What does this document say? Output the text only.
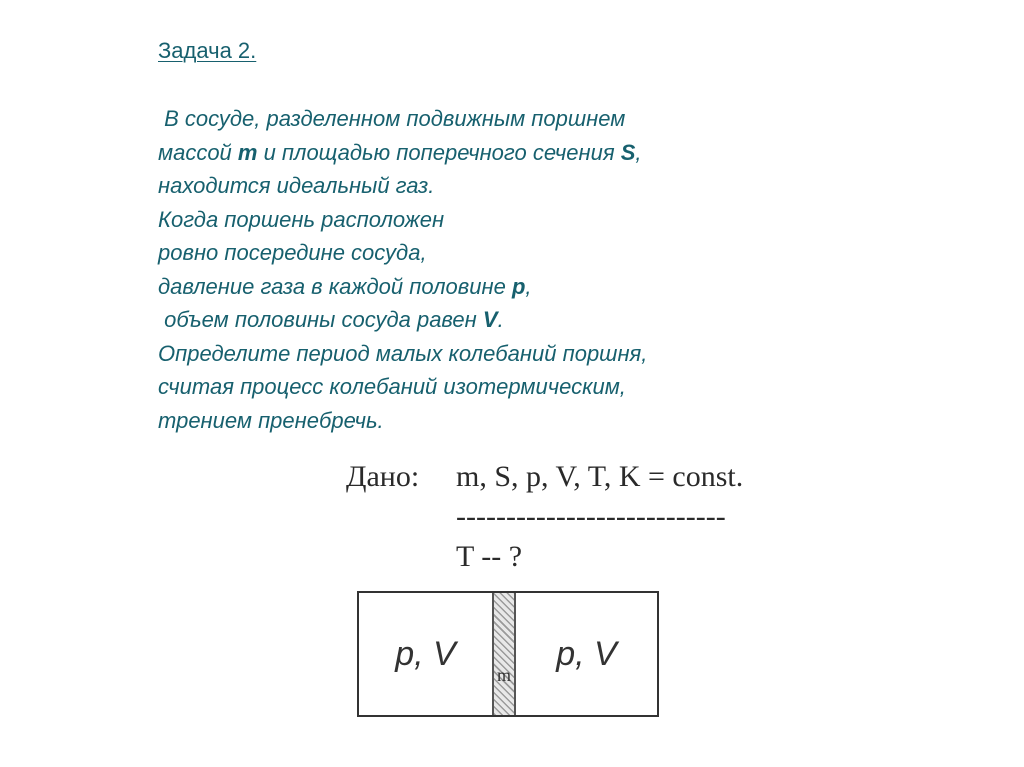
Задача 2.
В сосуде, разделенном подвижным поршнем
массой m и площадью поперечного сечения S,
находится идеальный газ.
Когда поршень расположен
ровно посередине сосуда,
давление газа в каждой половине p,
объем половины сосуда равен V.
Определите период малых колебаний поршня,
считая процесс колебаний изотермическим,
трением пренебречь.
Дано: m, S, p, V, T, K = const.
---------------------------
T -- ?
p, V
m
p, V
